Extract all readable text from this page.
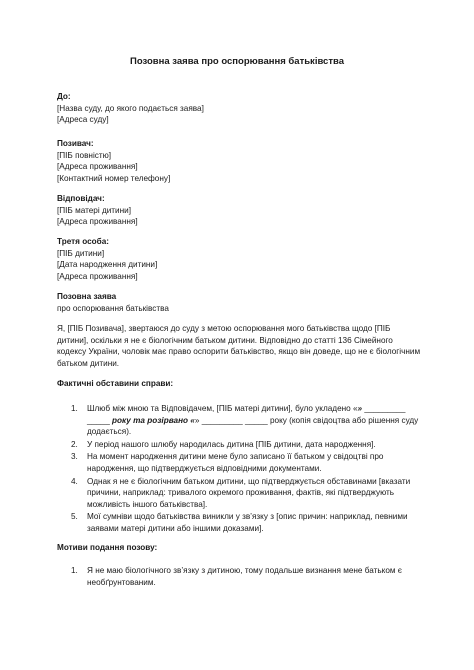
Позовна заява про оспорювання батьківства
До:
[Назва суду, до якого подається заява]
[Адреса суду]
Позивач:
[ПІБ повністю]
[Адреса проживання]
[Контактний номер телефону]
Відповідач:
[ПІБ матері дитини]
[Адреса проживання]
Третя особа:
[ПІБ дитини]
[Дата народження дитини]
[Адреса проживання]
Позовна заява
про оспорювання батьківства
Я, [ПІБ Позивача], звертаюся до суду з метою оспорювання мого батьківства щодо [ПІБ дитини], оскільки я не є біологічним батьком дитини. Відповідно до статті 136 Сімейного кодексу України, чоловік має право оспорити батьківство, якщо він доведе, що не є біологічним батьком дитини.
Фактичні обставини справи:
1. Шлюб між мною та Відповідачем, [ПІБ матері дитини], було укладено «» _________ _____ року та розірвано «» _________ _____ року (копія свідоцтва або рішення суду додається).
2. У період нашого шлюбу народилась дитина [ПІБ дитини, дата народження].
3. На момент народження дитини мене було записано її батьком у свідоцтві про народження, що підтверджується відповідними документами.
4. Однак я не є біологічним батьком дитини, що підтверджується обставинами [вказати причини, наприклад: тривалого окремого проживання, фактів, які підтверджують можливість іншого батьківства].
5. Мої сумніви щодо батьківства виникли у зв’язку з [опис причин: наприклад, певними заявами матері дитини або іншими доказами].
Мотиви подання позову:
1. Я не маю біологічного зв’язку з дитиною, тому подальше визнання мене батьком є необґрунтованим.
